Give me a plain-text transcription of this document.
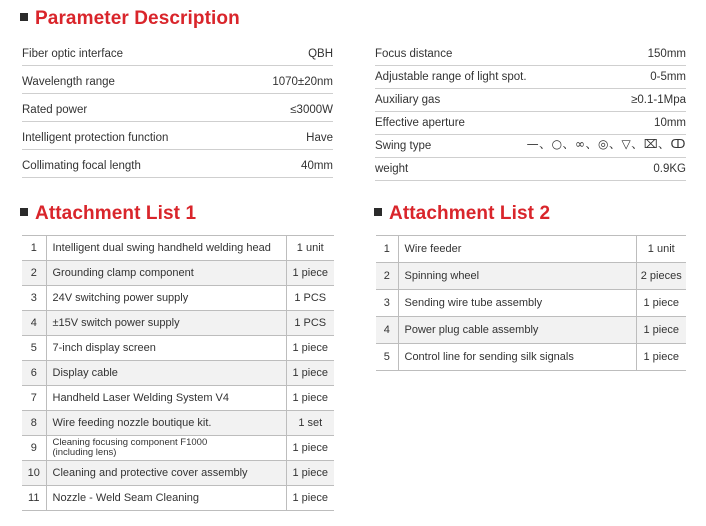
Parameter Description
Fiber optic interface	QBH
Wavelength range	1070±20nm
Rated power	≤3000W
Intelligent protection function	Have
Collimating focal length	40mm
Focus distance	150mm
Adjustable range of light spot.	0-5mm
Auxiliary gas	≥0.1-1Mpa
Effective aperture	10mm
Swing type	—、○、∞、◎、▽、⌧、ↀ
weight	0.9KG
Attachment List 1
1	Intelligent dual swing handheld welding head	1 unit
2	Grounding clamp component	1 piece
3	24V switching power supply	1 PCS
4	±15V switch power supply	1 PCS
5	7-inch display screen	1 piece
6	Display cable	1 piece
7	Handheld Laser Welding System V4	1 piece
8	Wire feeding nozzle boutique kit.	1 set
9	Cleaning focusing component F1000 (including lens)	1 piece
10	Cleaning and protective cover assembly	1 piece
11	Nozzle - Weld Seam Cleaning	1 piece
Attachment List 2
1	Wire feeder	1 unit
2	Spinning wheel	2 pieces
3	Sending wire tube assembly	1 piece
4	Power plug cable assembly	1 piece
5	Control line for sending silk signals	1 piece
